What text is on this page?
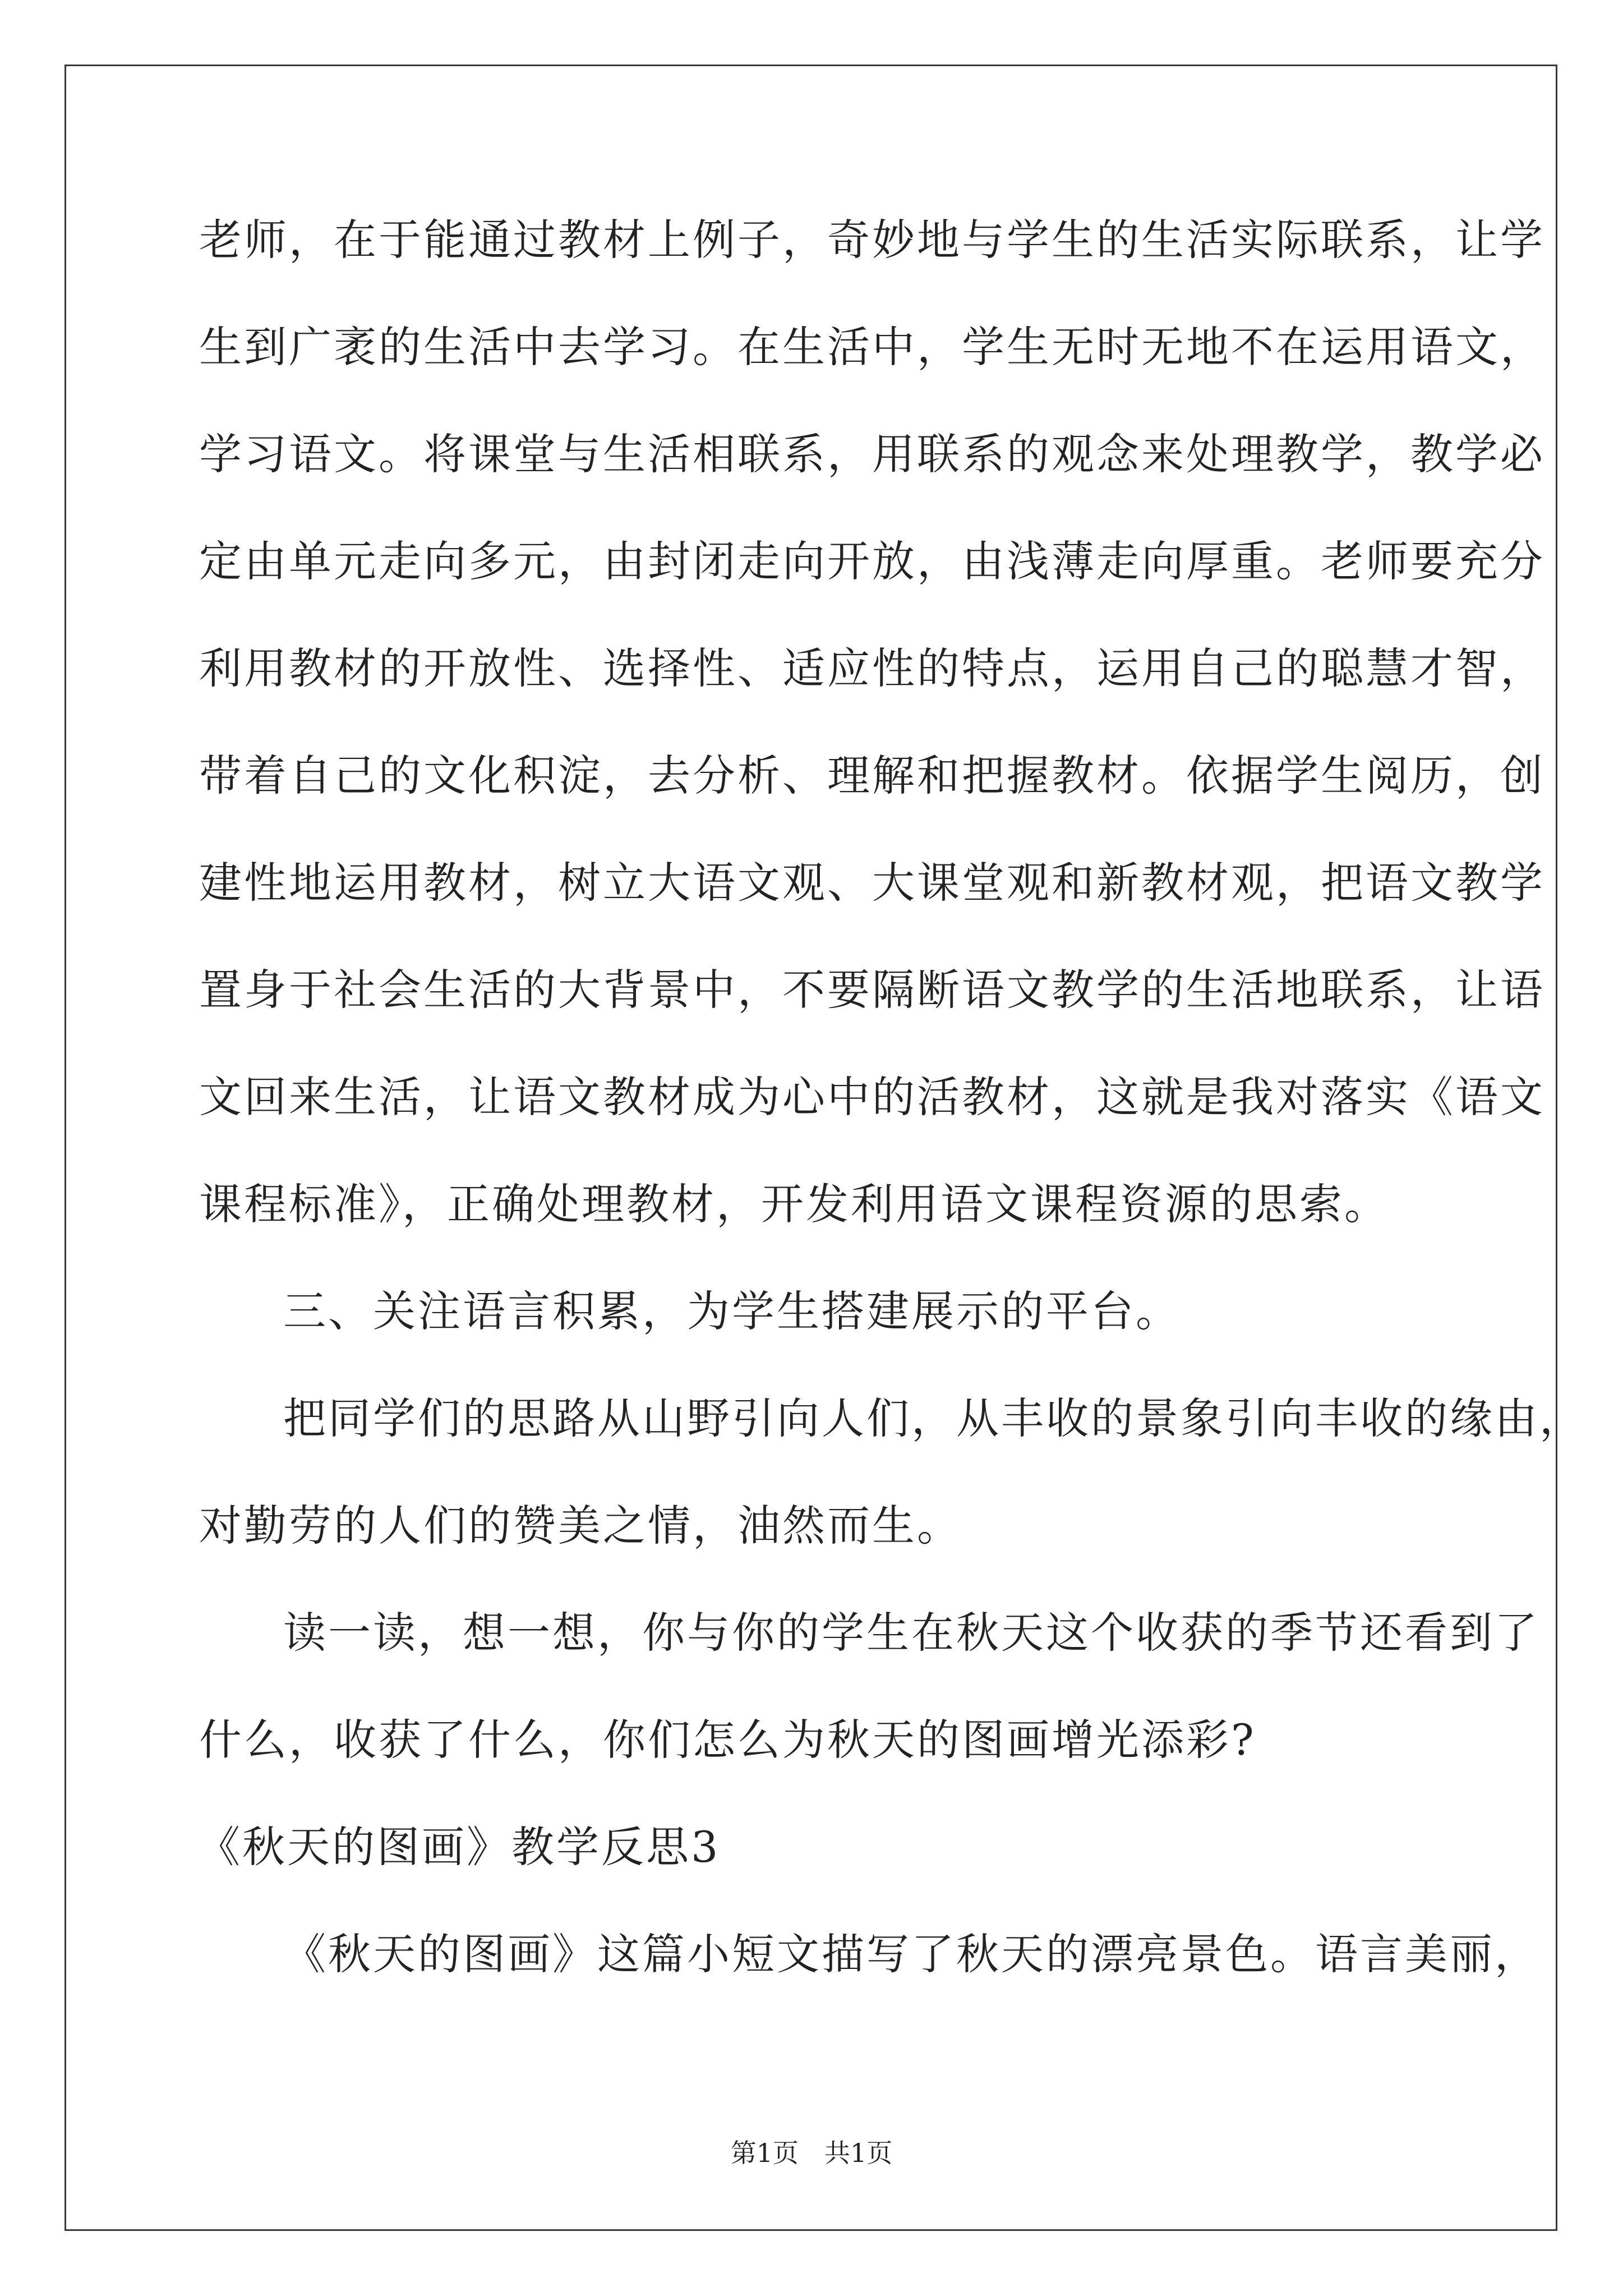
老师，在于能通过教材上例子，奇妙地与学生的生活实际联系，让学
生到广袤的生活中去学习。在生活中，学生无时无地不在运用语文，
学习语文。将课堂与生活相联系，用联系的观念来处理教学，教学必
定由单元走向多元，由封闭走向开放，由浅薄走向厚重。老师要充分
利用教材的开放性、选择性、适应性的特点，运用自己的聪慧才智，
带着自己的文化积淀，去分析、理解和把握教材。依据学生阅历，创
建性地运用教材，树立大语文观、大课堂观和新教材观，把语文教学
置身于社会生活的大背景中，不要隔断语文教学的生活地联系，让语
文回来生活，让语文教材成为心中的活教材，这就是我对落实《语文
课程标准》，正确处理教材，开发利用语文课程资源的思索。
三、关注语言积累，为学生搭建展示的平台。
把同学们的思路从山野引向人们，从丰收的景象引向丰收的缘由，
对勤劳的人们的赞美之情，油然而生。
读一读，想一想，你与你的学生在秋天这个收获的季节还看到了
什么，收获了什么，你们怎么为秋天的图画增光添彩?
《秋天的图画》教学反思3
《秋天的图画》这篇小短文描写了秋天的漂亮景色。语言美丽，
第1页　共1页
